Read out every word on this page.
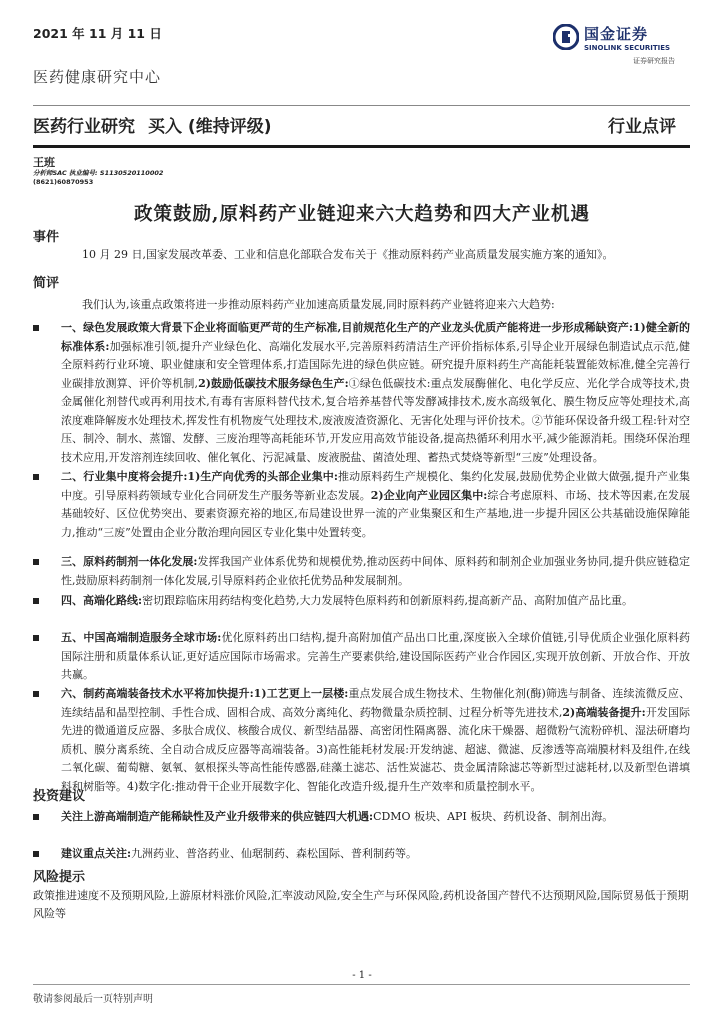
2021 年 11 月 11 日	国金证券
SINOLINK SECURITIES
证券研究报告
医药健康研究中心
医药行业研究 买入 (维持评级)	行业点评
王班
分析师SAC 执业编号: S1130520110002
(8621)60870953
政策鼓励,原料药产业链迎来六大趋势和四大产业机遇
事件
10 月 29 日,国家发展改革委、工业和信息化部联合发布关于《推动原料药产业高质量发展实施方案的通知》。
简评
我们认为,该重点政策将进一步推动原料药产业加速高质量发展,同时原料药产业链将迎来六大趋势:
一、绿色发展政策大背景下企业将面临更严苛的生产标准,目前规范化生产的产业龙头优质产能将进一步形成稀缺资产:1)健全新的标准体系:加强标准引领,提升产业绿色化、高端化发展水平,完善原料药清洁生产评价指标体系,引导企业开展绿色制造试点示范,健全原料药行业环境、职业健康和安全管理体系,打造国际先进的绿色供应链。研究提升原料药生产高能耗装置能效标准,健全完善行业碳排放测算、评价等机制,2)鼓励低碳技术服务绿色生产:①绿色低碳技术:重点发展酶催化、电化学反应、光化学合成等技术,贵金属催化剂替代或再利用技术,有毒有害原料替代技术,复合培养基替代等发酵减排技术,废水高级氧化、膜生物反应等处理技术,高浓度难降解废水处理技术,挥发性有机物废气处理技术,废液废渣资源化、无害化处理与评价技术。②节能环保设备升级工程:针对空压、制冷、制水、蒸馏、发酵、三废治理等高耗能环节,开发应用高效节能设备,提高热循环利用水平,减少能源消耗。围绕环保治理技术应用,开发溶剂连续回收、催化氧化、污泥减量、废液脱盐、菌渣处理、蓄热式焚烧等新型“三废”处理设备。
二、行业集中度将会提升:1)生产向优秀的头部企业集中:推动原料药生产规模化、集约化发展,鼓励优势企业做大做强,提升产业集中度。引导原料药领域专业化合同研发生产服务等新业态发展。2)企业向产业园区集中:综合考虑原料、市场、技术等因素,在发展基础较好、区位优势突出、要素资源充裕的地区,布局建设世界一流的产业集聚区和生产基地,进一步提升园区公共基础设施保障能力,推动“三废”处置由企业分散治理向园区专业化集中处置转变。
三、原料药制剂一体化发展:发挥我国产业体系优势和规模优势,推动医药中间体、原料药和制剂企业加强业务协同,提升供应链稳定性,鼓励原料药制剂一体化发展,引导原料药企业依托优势品种发展制剂。
四、高端化路线:密切跟踪临床用药结构变化趋势,大力发展特色原料药和创新原料药,提高新产品、高附加值产品比重。
五、中国高端制造服务全球市场:优化原料药出口结构,提升高附加值产品出口比重,深度嵌入全球价值链,引导优质企业强化原料药国际注册和质量体系认证,更好适应国际市场需求。完善生产要素供给,建设国际医药产业合作园区,实现开放创新、开放合作、开放共赢。
六、制药高端装备技术水平将加快提升:1)工艺更上一层楼:重点发展合成生物技术、生物催化剂(酶)筛选与制备、连续流微反应、连续结晶和晶型控制、手性合成、固相合成、高效分离纯化、药物微量杂质控制、过程分析等先进技术,2)高端装备提升:开发国际先进的微通道反应器、多肽合成仪、核酸合成仪、新型结晶器、高密闭性隔离器、流化床干燥器、超微粉气流粉碎机、湿法研磨均质机、膜分离系统、全自动合成反应器等高端装备。3)高性能耗材发展:开发纳滤、超滤、微滤、反渗透等高端膜材料及组件,在线二氧化碳、葡萄糖、氨氧、氨根探头等高性能传感器,硅藻土滤芯、活性炭滤芯、贵金属清除滤芯等新型过滤耗材,以及新型色谱填料和树脂等。4)数字化:推动骨干企业开展数字化、智能化改造升级,提升生产效率和质量控制水平。
投资建议
关注上游高端制造产能稀缺性及产业升级带来的供应链四大机遇:CDMO 板块、API 板块、药机设备、制剂出海。
建议重点关注:九洲药业、普洛药业、仙琚制药、森松国际、普利制药等。
风险提示
政策推进速度不及预期风险,上游原材料涨价风险,汇率波动风险,安全生产与环保风险,药机设备国产替代不达预期风险,国际贸易低于预期风险等
- 1 -
敬请参阅最后一页特别声明
